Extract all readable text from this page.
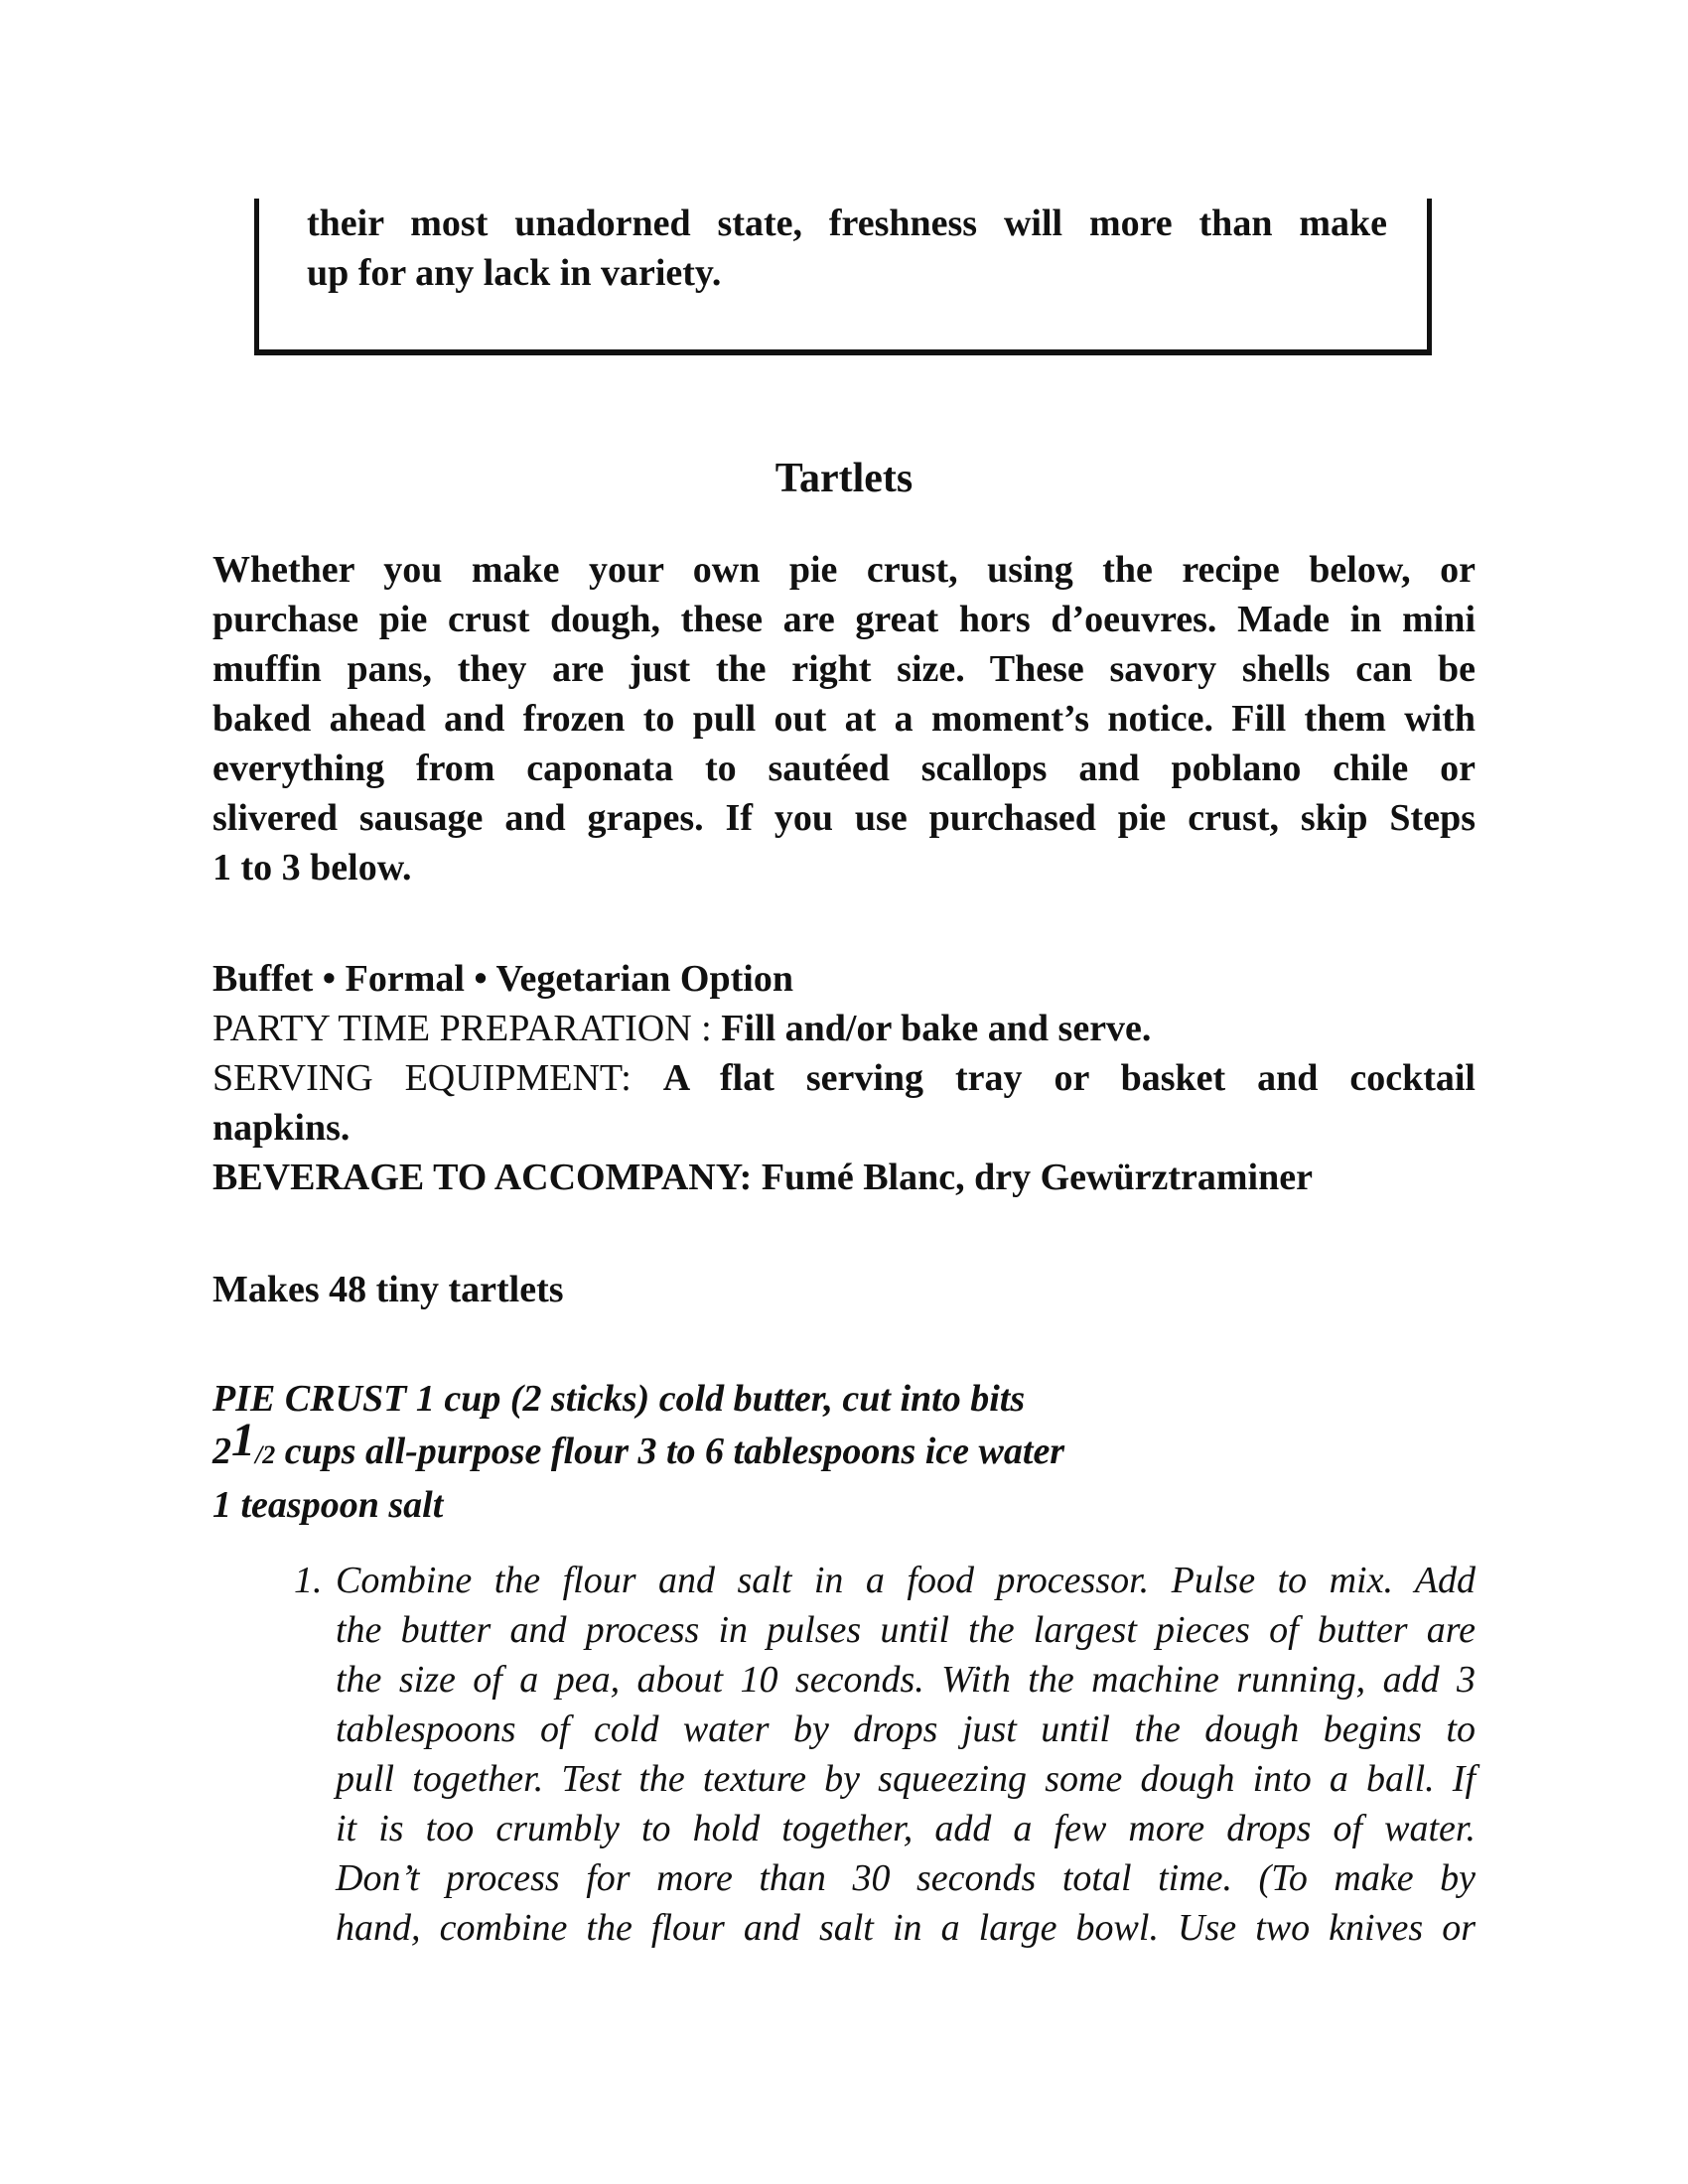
their most unadorned state, freshness will more than make
up for any lack in variety.

Tartlets

Whether you make your own pie crust, using the recipe below, or
purchase pie crust dough, these are great hors d’oeuvres. Made in mini
muffin pans, they are just the right size. These savory shells can be
baked ahead and frozen to pull out at a moment’s notice. Fill them with
everything from caponata to sautéed scallops and poblano chile or
slivered sausage and grapes. If you use purchased pie crust, skip Steps
1 to 3 below.

Buffet • Formal • Vegetarian Option
PARTY TIME PREPARATION : Fill and/or bake and serve.
SERVING EQUIPMENT: A flat serving tray or basket and cocktail
napkins.
BEVERAGE TO ACCOMPANY: Fumé Blanc, dry Gewürztraminer

Makes 48 tiny tartlets

PIE CRUST 1 cup (2 sticks) cold butter, cut into bits
21/2 cups all-purpose flour 3 to 6 tablespoons ice water
1 teaspoon salt
1. Combine the flour and salt in a food processor. Pulse to mix. Add
the butter and process in pulses until the largest pieces of butter are
the size of a pea, about 10 seconds. With the machine running, add 3
tablespoons of cold water by drops just until the dough begins to
pull together. Test the texture by squeezing some dough into a ball. If
it is too crumbly to hold together, add a few more drops of water.
Don’t process for more than 30 seconds total time. (To make by
hand, combine the flour and salt in a large bowl. Use two knives or
